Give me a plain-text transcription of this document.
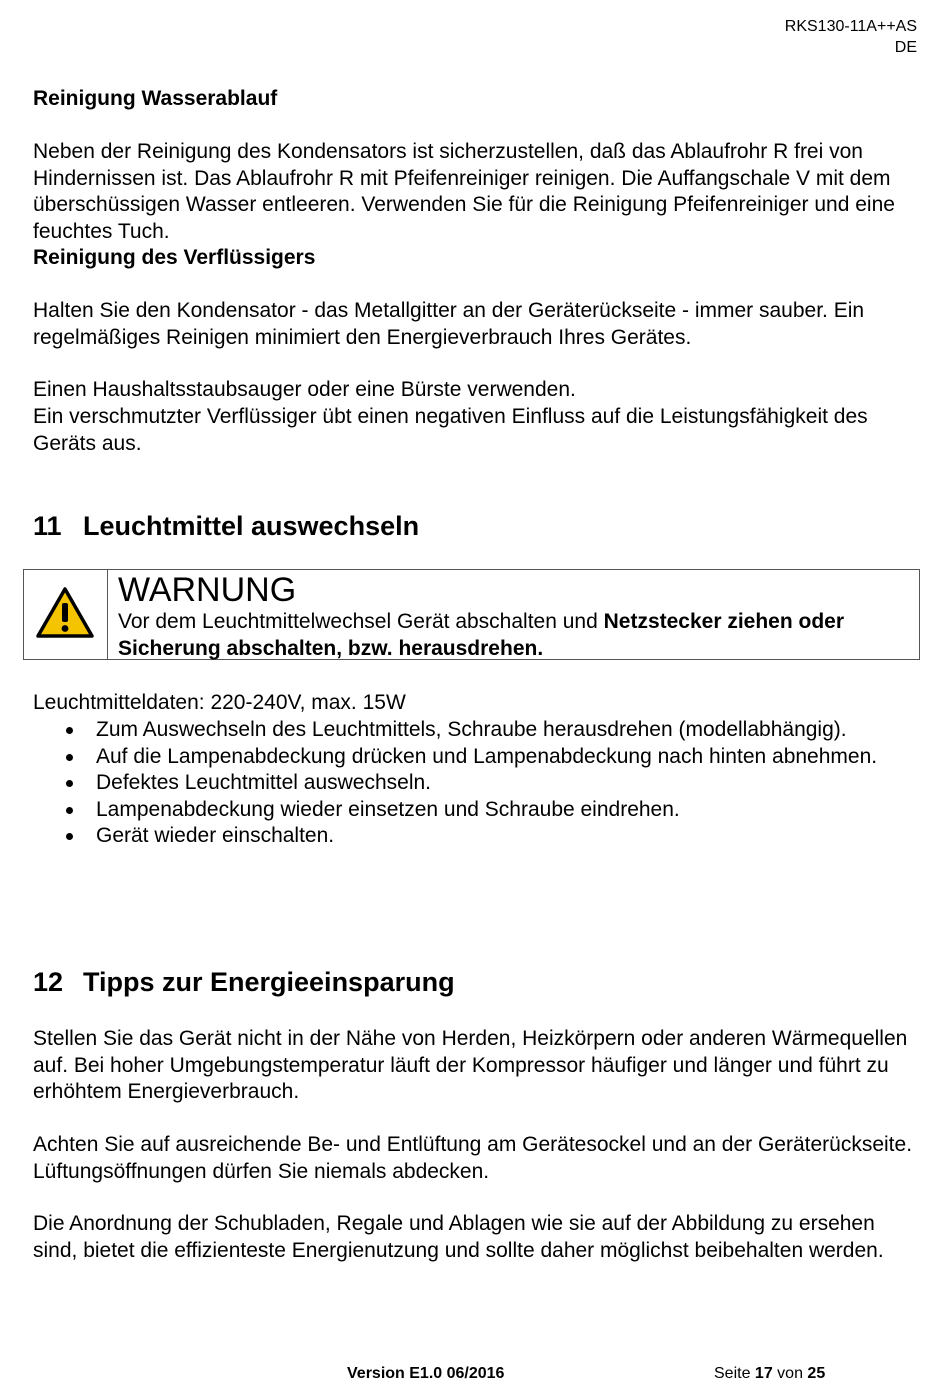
RKS130-11A++AS
DE

Reinigung Wasserablauf

Neben der Reinigung des Kondensators ist sicherzustellen, daß das Ablaufrohr R frei von Hindernissen ist. Das Ablaufrohr R mit Pfeifenreiniger reinigen. Die Auffangschale V mit dem überschüssigen Wasser entleeren. Verwenden Sie für die Reinigung Pfeifenreiniger und eine feuchtes Tuch.

Reinigung des Verflüssigers

Halten Sie den Kondensator - das Metallgitter an der Geräterückseite - immer sauber. Ein regelmäßiges Reinigen minimiert den Energieverbrauch Ihres Gerätes.

Einen Haushaltsstaubsauger oder eine Bürste verwenden.

Ein verschmutzter Verflüssiger übt einen negativen Einfluss auf die Leistungsfähigkeit des Geräts aus.

11 Leuchtmittel auswechseln
WARNUNG
Vor dem Leuchtmittelwechsel Gerät abschalten und Netzstecker ziehen oder Sicherung abschalten, bzw. herausdrehen.

Leuchtmitteldaten: 220-240V, max. 15W

Zum Auswechseln des Leuchtmittels, Schraube herausdrehen (modellabhängig).
Auf die Lampenabdeckung drücken und Lampenabdeckung nach hinten abnehmen.
Defektes Leuchtmittel auswechseln.
Lampenabdeckung wieder einsetzen und Schraube eindrehen.
Gerät wieder einschalten.
12 Tipps zur Energieeinsparung

Stellen Sie das Gerät nicht in der Nähe von Herden, Heizkörpern oder anderen Wärmequellen auf. Bei hoher Umgebungstemperatur läuft der Kompressor häufiger und länger und führt zu erhöhtem Energieverbrauch.

Achten Sie auf ausreichende Be- und Entlüftung am Gerätesockel und an der Geräterückseite. Lüftungsöffnungen dürfen Sie niemals abdecken.

Die Anordnung der Schubladen, Regale und Ablagen wie sie auf der Abbildung zu ersehen sind, bietet die effizienteste Energienutzung und sollte daher möglichst beibehalten werden.

Version E1.0 06/2016	Seite 17 von 25
